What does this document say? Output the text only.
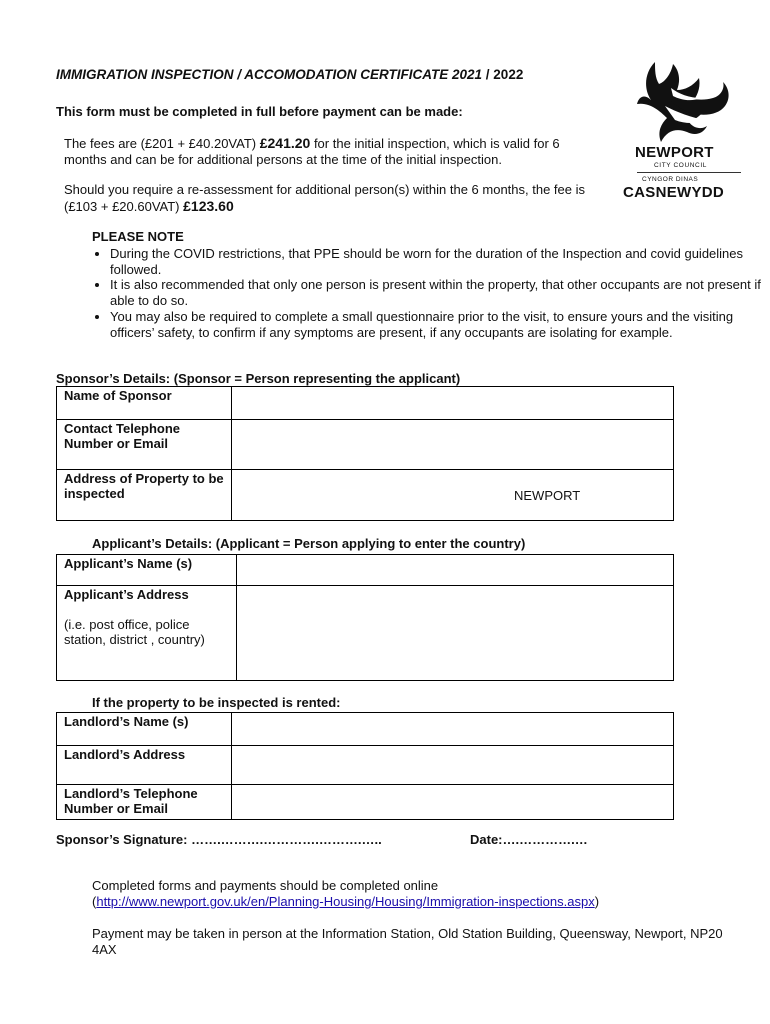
IMMIGRATION INSPECTION / ACCOMODATION CERTIFICATE 2021 / 2022
This form must be completed in full before payment can be made:
NEWPORT
CITY COUNCIL
CYNGOR DINAS
CASNEWYDD
The fees are (£201 + £40.20VAT) £241.20 for the initial inspection, which is valid for 6 months and can be for additional persons at the time of the initial inspection.
Should you require a re-assessment for additional person(s) within the 6 months, the fee is (£103 + £20.60VAT) £123.60
PLEASE NOTE
• During the COVID restrictions, that PPE should be worn for the duration of the Inspection and covid guidelines followed.
• It is also recommended that only one person is present within the property, that other occupants are not present if able to do so.
• You may also be required to complete a small questionnaire prior to the visit, to ensure yours and the visiting officers’ safety, to confirm if any symptoms are present, if any occupants are isolating for example.
Sponsor’s Details: (Sponsor = Person representing the applicant)
Name of Sponsor	
Contact Telephone Number or Email	
Address of Property to be inspected	NEWPORT
Applicant’s Details: (Applicant = Person applying to enter the country)
Applicant’s Name (s)	

Applicant’s Address
(i.e. post office, police station, district , country)	

If the property to be inspected is rented:
Landlord’s Name (s)	
Landlord’s Address	
Landlord’s Telephone Number or Email	
Sponsor’s Signature: …….……….………….……….…..	Date:….………….…
Completed forms and payments should be completed online
(http://www.newport.gov.uk/en/Planning-Housing/Housing/Immigration-inspections.aspx)
Payment may be taken in person at the Information Station, Old Station Building, Queensway, Newport, NP20 4AX
